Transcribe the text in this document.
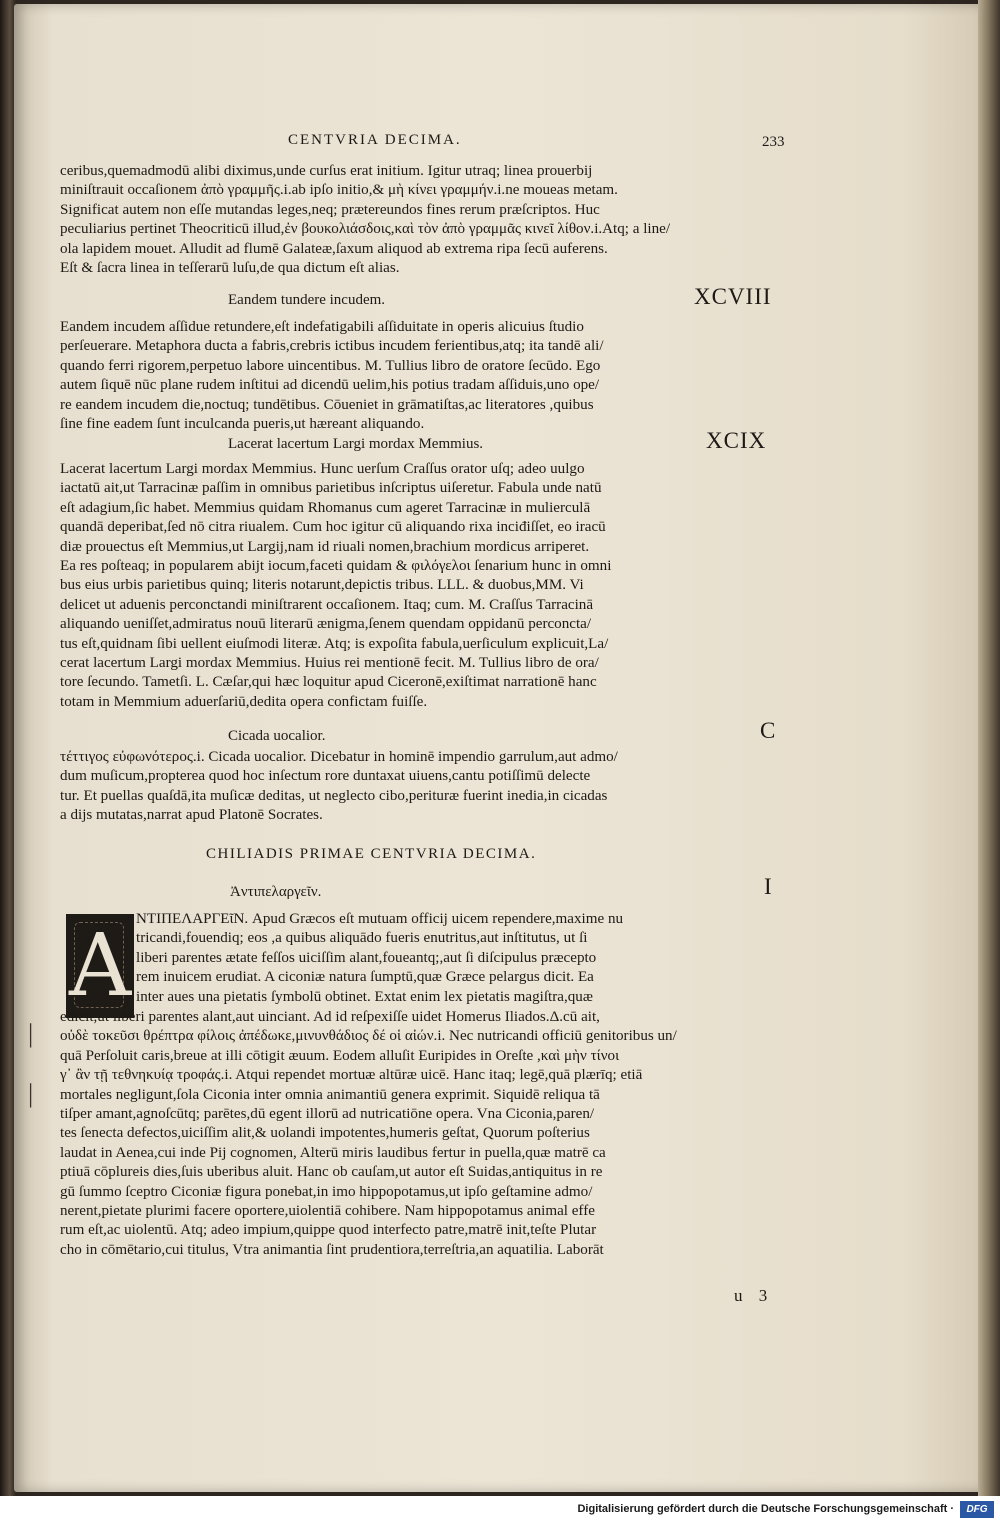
|
|
CENTVRIA DECIMA.	233
ceribus,quemadmodū alibi diximus,unde curſus erat initium. Igitur utraq; linea prouerbij
miniſtrauit occaſionem ἀπὸ γραμμῆς.i.ab ipſo initio,& μὴ κίνει γραμμήν.i.ne moueas metam.
Significat autem non eſſe mutandas leges,neq; prætereundos fines rerum præſcriptos. Huc
peculiarius pertinet Theocriticū illud,ἐν βουκολιάσδοις,καὶ τὸν ἀπὸ γραμμᾶς κινεῖ λίθον.i.Atq; a line/
ola lapidem mouet. Alludit ad flumē Galateæ,ſaxum aliquod ab extrema ripa ſecū auferens.
Eſt & ſacra linea in teſſerarū luſu,de qua dictum eſt alias.
Eandem tundere incudem.	XCVIII
Eandem incudem aſſidue retundere,eſt indefatigabili aſſiduitate in operis alicuius ſtudio
perſeuerare. Metaphora ducta a fabris,crebris ictibus incudem ferientibus,atq; ita tandē ali/
quando ferri rigorem,perpetuo labore uincentibus. M. Tullius libro de oratore ſecūdo. Ego
autem ſiquē nūc plane rudem inſtitui ad dicendū uelim,his potius tradam aſſiduis,uno ope/
re eandem incudem die,noctuq; tundētibus. Cōueniet in grāmatiſtas,ac literatores ,quibus
ſine fine eadem ſunt inculcanda pueris,ut hæreant aliquando.
Lacerat lacertum Largi mordax Memmius.	XCIX
Lacerat lacertum Largi mordax Memmius. Hunc uerſum Craſſus orator uſq; adeo uulgo
iactatū ait,ut Tarracinæ paſſim in omnibus parietibus inſcriptus uiſeretur. Fabula unde natū
eſt adagium,ſic habet. Memmius quidam Rhomanus cum ageret Tarracinæ in mulierculā
quandā deperibat,ſed nō citra riualem. Cum hoc igitur cū aliquando rixa inciđiſſet, eo iracū
diæ prouectus eſt Memmius,ut Largij,nam id riuali nomen,brachium mordicus arriperet.
Ea res poſteaq; in popularem abijt iocum,faceti quidam & φιλόγελοι ſenarium hunc in omni
bus eius urbis parietibus quinq; literis notarunt,depictis tribus. LLL. & duobus,MM. Vi
delicet ut aduenis perconctandi miniſtrarent occaſionem. Itaq; cum. M. Craſſus Tarracinā
aliquando ueniſſet,admiratus nouū literarū ænigma,ſenem quendam oppidanū perconcta/
tus eſt,quidnam ſibi uellent eiuſmodi literæ. Atq; is expoſita fabula,uerſiculum explicuit,La/
cerat lacertum Largi mordax Memmius. Huius rei mentionē fecit. M. Tullius libro de ora/
tore ſecundo. Tametſi. L. Cæſar,qui hæc loquitur apud Ciceronē,exiſtimat narrationē hanc
totam in Memmium aduerſariū,dedita opera confictam fuiſſe.
Cicada uocalior.	C
τέττιγος εὐφωνότερος.i. Cicada uocalior. Dicebatur in hominē impendio garrulum,aut admo/
dum muſicum,propterea quod hoc inſectum rore duntaxat uiuens,cantu potiſſimū delecte
tur. Et puellas quaſdā,ita muſicæ deditas, ut neglecto cibo,perituræ fuerint inedia,in cicadas
a dijs mutatas,narrat apud Platonē Socrates.
CHILIADIS PRIMAE CENTVRIA DECIMA.
Ἀντιπελαργεῖν.	I
A ΝΤΙΠΕΛΑΡΓΕῖΝ. Apud Græcos eſt mutuam officij uicem rependere,maxime nu
tricandi,fouendiq; eos ,a quibus aliquādo fueris enutritus,aut inſtitutus, ut ſi
liberi parentes ætate feſſos uiciſſim alant,foueantq;,aut ſi diſcipulus præcepto
rem inuicem erudiat. A ciconiæ natura ſumptū,quæ Græce pelargus dicit. Ea
inter aues una pietatis ſymbolū obtinet. Extat enim lex pietatis magiſtra,quæ
edicit,ut liberi parentes alant,aut uinciant. Ad id reſpexiſſe uidet Homerus Iliados.Δ.cū ait,
οὐδὲ τοκεῦσι θρέπτρα φίλοις ἀπέδωκε,μινυνθάδιος δέ οἱ αἰών.i. Nec nutricandi officiū genitoribus un/
quā Perſoluit caris,breue at illi cōtigit æuum. Eodem alluſit Euripides in Oreſte ,καὶ μὴν τίνοι
γ᾽ ἂν τῇ τεθνηκυίᾳ τροφάς.i. Atqui rependet mortuæ altūræ uicē. Hanc itaq; legē,quā plærīq; etiā
mortales negligunt,ſola Ciconia inter omnia animantiū genera exprimit. Siquidē reliqua tā
tiſper amant,agnoſcūtq; parētes,dū egent illorū ad nutricatiōne opera. Vna Ciconia,paren/
tes ſenecta defectos,uiciſſim alit,& uolandi impotentes,humeris geſtat, Quorum poſterius
laudat in Aenea,cui inde Pij cognomen, Alterū miris laudibus fertur in puella,quæ matrē ca
ptiuā cōplureis dies,ſuis uberibus aluit. Hanc ob cauſam,ut autor eſt Suidas,antiquitus in re
gū ſummo ſceptro Ciconiæ figura ponebat,in imo hippopotamus,ut ipſo geſtamine admo/
nerent,pietate plurimi facere oportere,uiolentiā cohibere. Nam hippopotamus animal effe
rum eſt,ac uiolentū. Atq; adeo impium,quippe quod interfecto patre,matrē init,teſte Plutar
cho in cōmētario,cui titulus, Vtra animantia ſint prudentiora,terreſtria,an aquatilia. Laborāt
u 3
Digitalisierung gefördert durch die Deutsche Forschungsgemeinschaft ·	DFG
